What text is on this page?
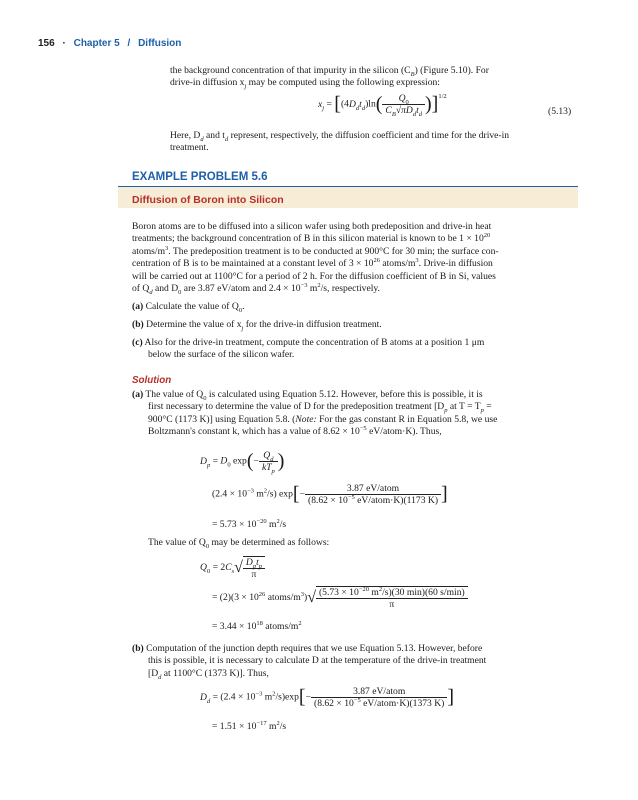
156 · Chapter 5 / Diffusion
the background concentration of that impurity in the silicon $(C_B)$ (Figure 5.10). For
drive-in diffusion $x_j$ may be computed using the following expression:
$x_j = [(4D_dt_d)\ln( \frac{Q_0}{C_B√\pi D_dt_d} )]^{1/2}$
(5.13)
Here, $D_d$ and $t_d$ represent, respectively, the diffusion coefficient and time for the drive-in
treatment.
EXAMPLE PROBLEM 5.6
Diffusion of Boron into Silicon
Boron atoms are to be diffused into a silicon wafer using both predeposition and drive-in heat
treatments; the background concentration of B in this silicon material is known to be $1 \times 10^{20}$
atoms/$m^3$. The predeposition treatment is to be conducted at 900°C for 30 min; the surface con-
centration of B is to be maintained at a constant level of $3 \times 10^{26}$ atoms/$m^3$. Drive-in diffusion
will be carried out at 1100°C for a period of 2 h. For the diffusion coefficient of B in Si, values
of $Q_d$ and $D_0$ are 3.87 eV/atom and $2.4 \times 10^{-3}$ $m^2/s$, respectively.
(a) Calculate the value of $Q_0$.
(b) Determine the value of $x_j$ for the drive-in diffusion treatment.
(c) Also for the drive-in treatment, compute the concentration of B atoms at a position 1 μm
below the surface of the silicon wafer.
Solution
(a) The value of $Q_0$ is calculated using Equation 5.12. However, before this is possible, it is
first necessary to determine the value of D for the predeposition treatment [$D_p$ at $T = T_p$ =
900°C (1173 K)] using Equation 5.8. (Note: For the gas constant R in Equation 5.8, we use
Boltzmann's constant k, which has a value of $8.62 \times 10^{-5}$ eV/atom·K). Thus,
$D_p = D_0$ $\exp(- \frac{Q_d}{kT_p}$ )
($2.4 \times 10^{-3}$ $m^2/s$) $\exp[- \frac{\text{3.87 eV/atom}}{(8.62 \times 10^{-5} eV/atom\cdot K)(1173 K)}$ ]
= $5.73 \times 10^{-20}$ $m^2/s$
The value of $Q_0$ may be determined as follows:
$Q_0 = 2C_s√ \frac{D_pt_p}{\pi}$
= $(2)(3 \times 10^{26}$ atoms/$m^3)√ \frac{(5.73 \times 10^{-20} m^2/s)(30 \min)(60 s/\min)}{\pi}$
= $3.44 \times 10^{18}$ atoms/$m^2$
(b) Computation of the junction depth requires that we use Equation 5.13. However, before
this is possible, it is necessary to calculate D at the temperature of the drive-in treatment
[$D_d$ at 1100°C (1373 K)]. Thus,
$D_d = (2.4 \times 10^{-3}$ $m^2/s)\exp[- \frac{\text{3.87 eV/atom}}{(8.62 \times 10^{-5} eV/atom\cdot K)(1373 K)}$ ]
= $1.51 \times 10^{-17}$ $m^2/s$
